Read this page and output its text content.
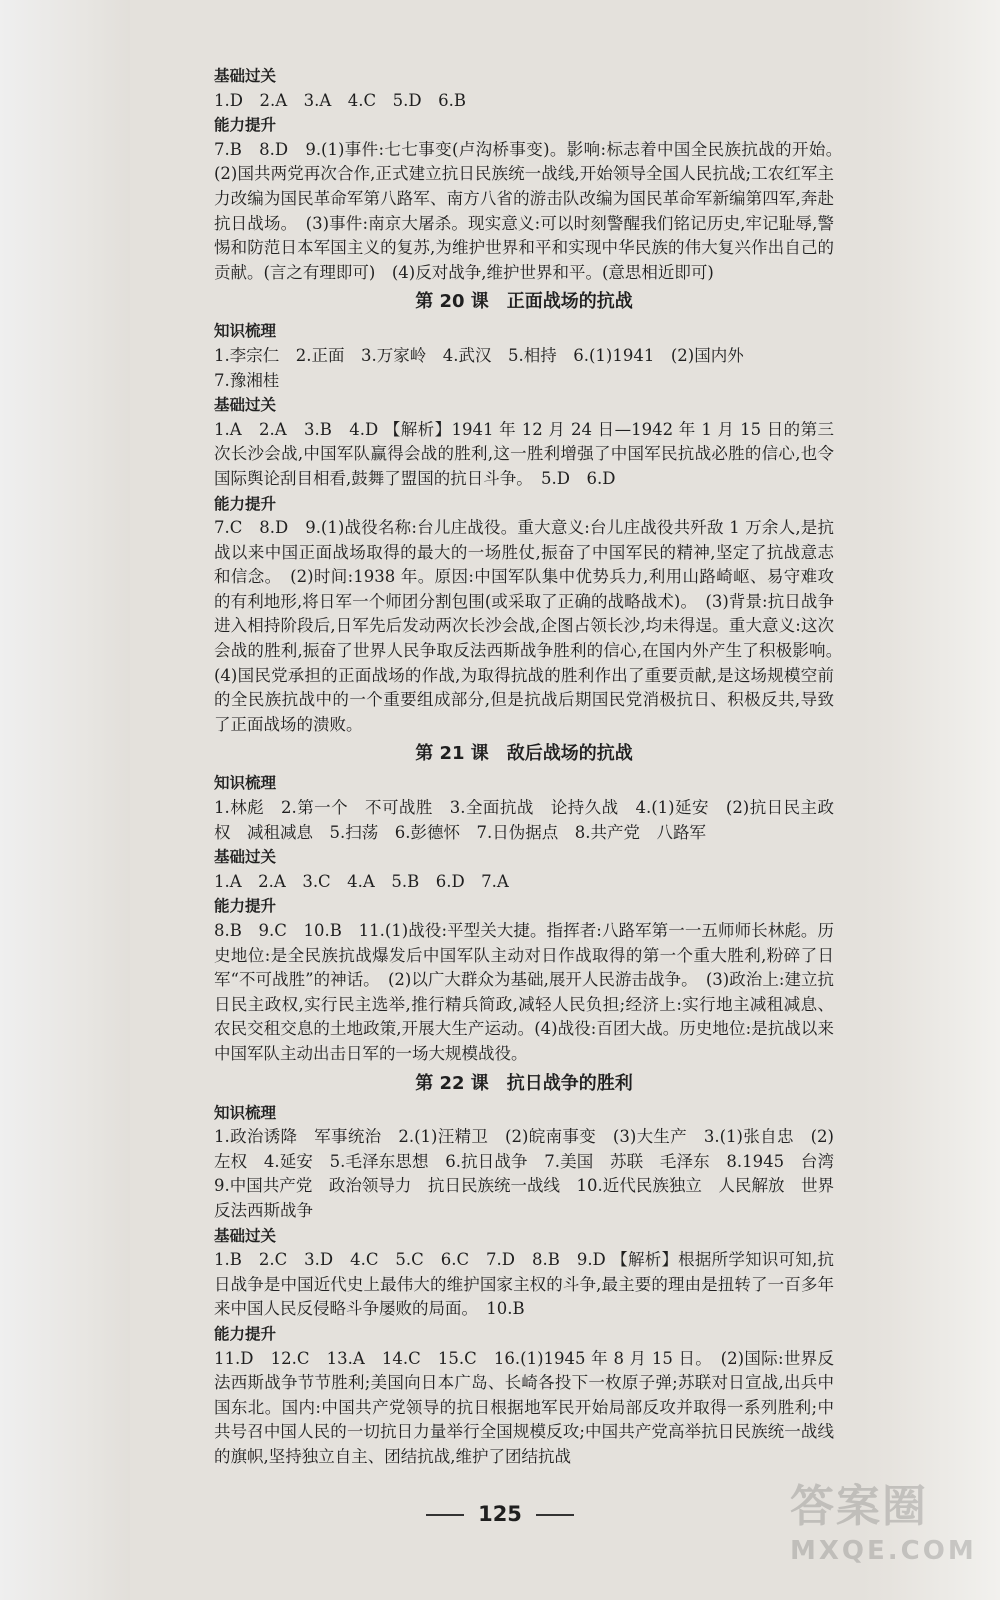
基础过关

1.D　2.A　3.A　4.C　5.D　6.B

能力提升

7.B　8.D　9.(1)事件:七七事变(卢沟桥事变)。影响:标志着中国全民族抗战的开始。　(2)国共两党再次合作,正式建立抗日民族统一战线,开始领导全国人民抗战;工农红军主力改编为国民革命军第八路军、南方八省的游击队改编为国民革命军新编第四军,奔赴抗日战场。　(3)事件:南京大屠杀。现实意义:可以时刻警醒我们铭记历史,牢记耻辱,警惕和防范日本军国主义的复苏,为维护世界和平和实现中华民族的伟大复兴作出自己的贡献。(言之有理即可)　(4)反对战争,维护世界和平。(意思相近即可)

第 20 课　正面战场的抗战

知识梳理

1.李宗仁　2.正面　3.万家岭　4.武汉　5.相持　6.(1)1941　(2)国内外

7.豫湘桂

基础过关

1.A　2.A　3.B　4.D 【解析】1941 年 12 月 24 日—1942 年 1 月 15 日的第三次长沙会战,中国军队赢得会战的胜利,这一胜利增强了中国军民抗战必胜的信心,也令国际舆论刮目相看,鼓舞了盟国的抗日斗争。　5.D　6.D

能力提升

7.C　8.D　9.(1)战役名称:台儿庄战役。重大意义:台儿庄战役共歼敌 1 万余人,是抗战以来中国正面战场取得的最大的一场胜仗,振奋了中国军民的精神,坚定了抗战意志和信念。　(2)时间:1938 年。原因:中国军队集中优势兵力,利用山路崎岖、易守难攻的有利地形,将日军一个师团分割包围(或采取了正确的战略战术)。　(3)背景:抗日战争进入相持阶段后,日军先后发动两次长沙会战,企图占领长沙,均未得逞。重大意义:这次会战的胜利,振奋了世界人民争取反法西斯战争胜利的信心,在国内外产生了积极影响。　(4)国民党承担的正面战场的作战,为取得抗战的胜利作出了重要贡献,是这场规模空前的全民族抗战中的一个重要组成部分,但是抗战后期国民党消极抗日、积极反共,导致了正面战场的溃败。

第 21 课　敌后战场的抗战

知识梳理

1.林彪　2.第一个　不可战胜　3.全面抗战　论持久战　4.(1)延安　(2)抗日民主政权　减租减息　5.扫荡　6.彭德怀　7.日伪据点　8.共产党　八路军

基础过关

1.A　2.A　3.C　4.A　5.B　6.D　7.A

能力提升

8.B　9.C　10.B　11.(1)战役:平型关大捷。指挥者:八路军第一一五师师长林彪。历史地位:是全民族抗战爆发后中国军队主动对日作战取得的第一个重大胜利,粉碎了日军“不可战胜”的神话。　(2)以广大群众为基础,展开人民游击战争。　(3)政治上:建立抗日民主政权,实行民主选举,推行精兵简政,减轻人民负担;经济上:实行地主减租减息、农民交租交息的土地政策,开展大生产运动。(4)战役:百团大战。历史地位:是抗战以来中国军队主动出击日军的一场大规模战役。

第 22 课　抗日战争的胜利

知识梳理

1.政治诱降　军事统治　2.(1)汪精卫　(2)皖南事变　(3)大生产　3.(1)张自忠　(2)左权　4.延安　5.毛泽东思想　6.抗日战争　7.美国　苏联　毛泽东　8.1945　台湾　9.中国共产党　政治领导力　抗日民族统一战线　10.近代民族独立　人民解放　世界反法西斯战争

基础过关

1.B　2.C　3.D　4.C　5.C　6.C　7.D　8.B　9.D 【解析】根据所学知识可知,抗日战争是中国近代史上最伟大的维护国家主权的斗争,最主要的理由是扭转了一百多年来中国人民反侵略斗争屡败的局面。　10.B

能力提升

11.D　12.C　13.A　14.C　15.C　16.(1)1945 年 8 月 15 日。　(2)国际:世界反法西斯战争节节胜利;美国向日本广岛、长崎各投下一枚原子弹;苏联对日宣战,出兵中国东北。国内:中国共产党领导的抗日根据地军民开始局部反攻并取得一系列胜利;中共号召中国人民的一切抗日力量举行全国规模反攻;中国共产党高举抗日民族统一战线的旗帜,坚持独立自主、团结抗战,维护了团结抗战

125	答案圈
MXQE.COM
